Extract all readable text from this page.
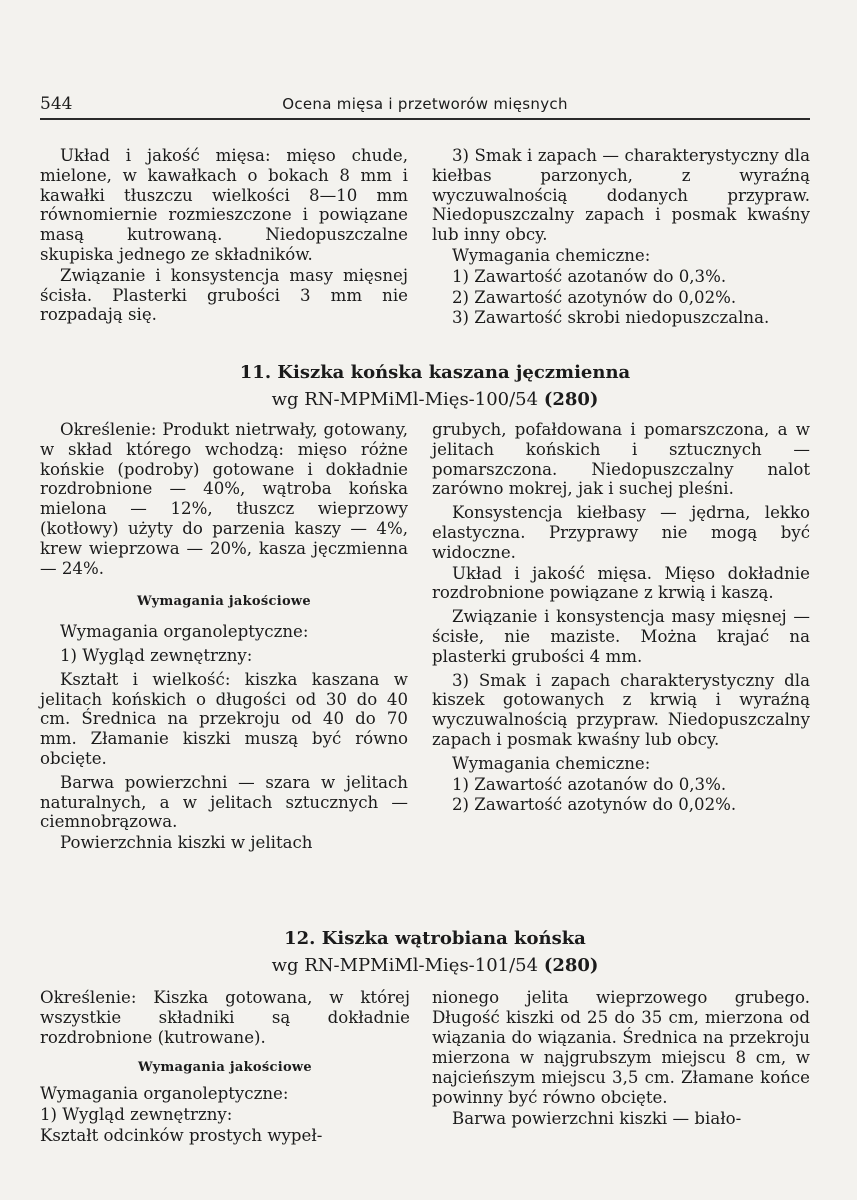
544	Ocena mięsa i przetworów mięsnych

Układ i jakość mięsa: mięso chude, mielone, w kawałkach o bokach 8 mm i kawałki tłuszczu wielkości 8—10 mm równomiernie rozmieszczone i powiązane masą kutrowaną. Niedopuszczalne skupiska jednego ze składników.

Związanie i konsystencja masy mięsnej ścisła. Plasterki grubości 3 mm nie rozpadają się.

3) Smak i zapach — charakterystyczny dla kiełbas parzonych, z wyraźną wyczuwalnością dodanych przypraw. Niedopuszczalny zapach i posmak kwaśny lub inny obcy.

Wymagania chemiczne:

1) Zawartość azotanów do 0,3%.

2) Zawartość azotynów do 0,02%.

3) Zawartość skrobi niedopuszczalna.

11. Kiszka końska kaszana jęczmienna
wg RN-MPMiMl-Mięs-100/54 (280)

Określenie: Produkt nietrwały, gotowany, w skład którego wchodzą: mięso różne końskie (podroby) gotowane i dokładnie rozdrobnione — 40%, wątroba końska mielona — 12%, tłuszcz wieprzowy (kotłowy) użyty do parzenia kaszy — 4%, krew wieprzowa — 20%, kasza jęczmienna — 24%.

Wymagania jakościowe

Wymagania organoleptyczne:

1) Wygląd zewnętrzny:

Kształt i wielkość: kiszka kaszana w jelitach końskich o długości od 30 do 40 cm. Średnica na przekroju od 40 do 70 mm. Złamanie kiszki muszą być równo obcięte.

Barwa powierzchni — szara w jelitach naturalnych, a w jelitach sztucznych — ciemnobrązowa.

Powierzchnia kiszki w jelitach

grubych, pofałdowana i pomarszczona, a w jelitach końskich i sztucznych — pomarszczona. Niedopuszczalny nalot zarówno mokrej, jak i suchej pleśni.

Konsystencja kiełbasy — jędrna, lekko elastyczna. Przyprawy nie mogą być widoczne.

Układ i jakość mięsa. Mięso dokładnie rozdrobnione powiązane z krwią i kaszą.

Związanie i konsystencja masy mięsnej — ścisłe, nie maziste. Można krajać na plasterki grubości 4 mm.

3) Smak i zapach charakterystyczny dla kiszek gotowanych z krwią i wyraźną wyczuwalnością przypraw. Niedopuszczalny zapach i posmak kwaśny lub obcy.

Wymagania chemiczne:

1) Zawartość azotanów do 0,3%.

2) Zawartość azotynów do 0,02%.

12. Kiszka wątrobiana końska
wg RN-MPMiMl-Mięs-101/54 (280)

Określenie: Kiszka gotowana, w której wszystkie składniki są dokładnie rozdrobnione (kutrowane).

Wymagania jakościowe

Wymagania organoleptyczne:

1) Wygląd zewnętrzny:

Kształt odcinków prostych wypeł-

nionego jelita wieprzowego grubego. Długość kiszki od 25 do 35 cm, mierzona od wiązania do wiązania. Średnica na przekroju mierzona w najgrubszym miejscu 8 cm, w najcieńszym miejscu 3,5 cm. Złamane końce powinny być równo obcięte.

Barwa powierzchni kiszki — biało-
